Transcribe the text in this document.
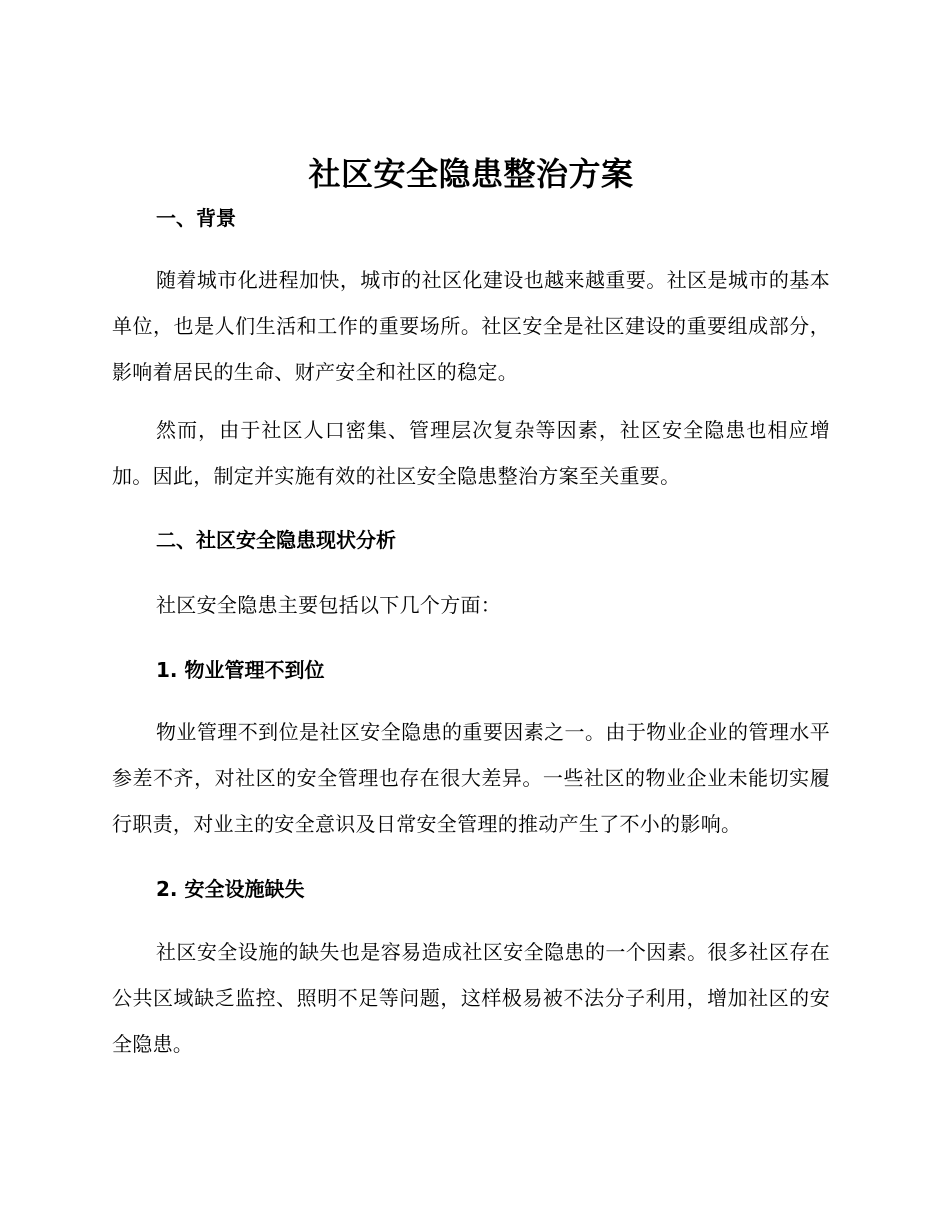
社区安全隐患整治方案
一、背景

随着城市化进程加快，城市的社区化建设也越来越重要。社区是城市的基本单位，也是人们生活和工作的重要场所。社区安全是社区建设的重要组成部分，影响着居民的生命、财产安全和社区的稳定。

然而，由于社区人口密集、管理层次复杂等因素，社区安全隐患也相应增加。因此，制定并实施有效的社区安全隐患整治方案至关重要。

二、社区安全隐患现状分析

社区安全隐患主要包括以下几个方面：

1. 物业管理不到位

物业管理不到位是社区安全隐患的重要因素之一。由于物业企业的管理水平参差不齐，对社区的安全管理也存在很大差异。一些社区的物业企业未能切实履行职责，对业主的安全意识及日常安全管理的推动产生了不小的影响。

2. 安全设施缺失

社区安全设施的缺失也是容易造成社区安全隐患的一个因素。很多社区存在公共区域缺乏监控、照明不足等问题，这样极易被不法分子利用，增加社区的安全隐患。
